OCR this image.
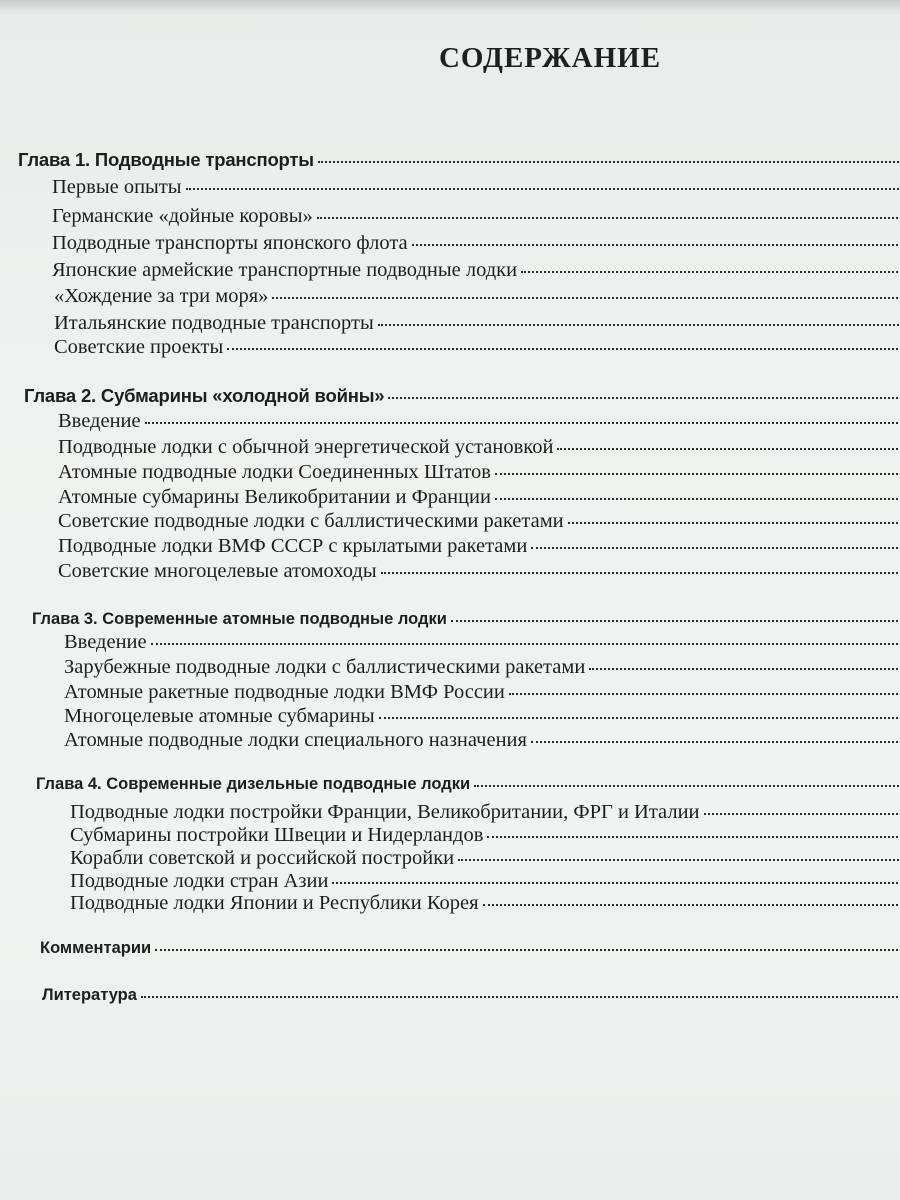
СОДЕРЖАНИЕ
Глава 1. Подводные транспорты
Первые опыты
Германские «дойные коровы»
Подводные транспорты японского флота
Японские армейские транспортные подводные лодки
«Хождение за три моря»
Итальянские подводные транспорты
Советские проекты
Глава 2. Субмарины «холодной войны»
Введение
Подводные лодки с обычной энергетической установкой
Атомные подводные лодки Соединенных Штатов
Атомные субмарины Великобритании и Франции
Советские подводные лодки с баллистическими ракетами
Подводные лодки ВМФ СССР с крылатыми ракетами
Советские многоцелевые атомоходы
Глава 3. Современные атомные подводные лодки
Введение
Зарубежные подводные лодки с баллистическими ракетами
Атомные ракетные подводные лодки ВМФ России
Многоцелевые атомные субмарины
Атомные подводные лодки специального назначения
Глава 4. Современные дизельные подводные лодки
Подводные лодки постройки Франции, Великобритании, ФРГ и Италии
Субмарины постройки Швеции и Нидерландов
Корабли советской и российской постройки
Подводные лодки стран Азии
Подводные лодки Японии и Республики Корея
Комментарии
Литература
